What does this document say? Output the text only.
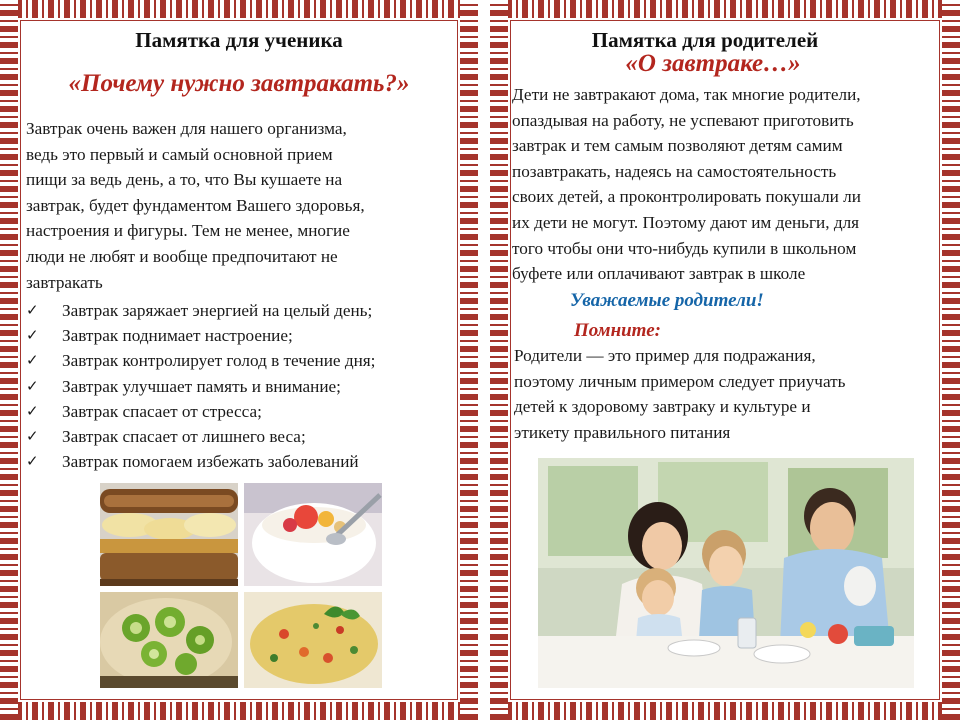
Памятка для ученика
«Почему нужно завтракать?»
Завтрак очень важен для нашего организма,
ведь это первый и самый основной прием
пищи за ведь день, а то, что Вы кушаете на
завтрак, будет фундаментом Вашего здоровья,
настроения и фигуры. Тем не менее, многие
люди не любят и вообще предпочитают не
завтракать
✓ Завтрак заряжает энергией на целый день;
✓ Завтрак поднимает настроение;
✓ Завтрак контролирует голод в течение дня;
✓ Завтрак улучшает память и внимание;
✓ Завтрак спасает от стресса;
✓ Завтрак спасает от лишнего веса;
✓ Завтрак помогаем избежать заболеваний
Памятка для родителей
«О завтраке…»
Дети не завтракают дома, так многие родители,
опаздывая на работу, не успевают приготовить
завтрак и тем самым позволяют детям самим
позавтракать, надеясь на самостоятельность
своих детей, а проконтролировать покушали ли
их дети не могут. Поэтому дают им деньги, для
того чтобы они что-нибудь купили в школьном
буфете или оплачивают завтрак в школе
Уважаемые родители!
Помните:
Родители — это пример для подражания,
поэтому личным примером следует приучать
детей к здоровому завтраку и культуре и
этикету правильного питания
